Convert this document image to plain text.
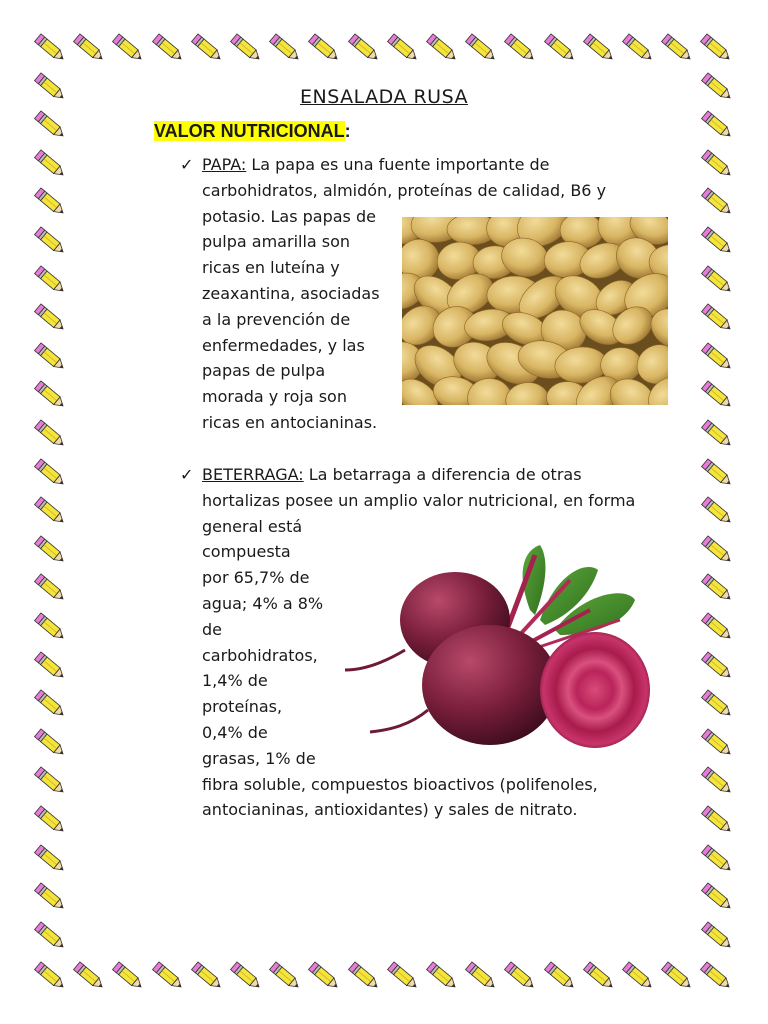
ENSALADA RUSA
VALOR NUTRICIONAL:
✓ PAPA: La papa es una fuente importante de
carbohidratos, almidón, proteínas de calidad, B6 y
potasio. Las papas de
pulpa amarilla son
ricas en luteína y
zeaxantina, asociadas
a la prevención de
enfermedades, y las
papas de pulpa
morada y roja son
ricas en antocianinas.
✓ BETERRAGA: La betarraga a diferencia de otras
hortalizas posee un amplio valor nutricional, en forma
general está
compuesta
por 65,7% de
agua; 4% a 8%
de
carbohidratos,
1,4% de
proteínas,
0,4% de
grasas, 1% de
fibra soluble, compuestos bioactivos (polifenoles,
antocianinas, antioxidantes) y sales de nitrato.
